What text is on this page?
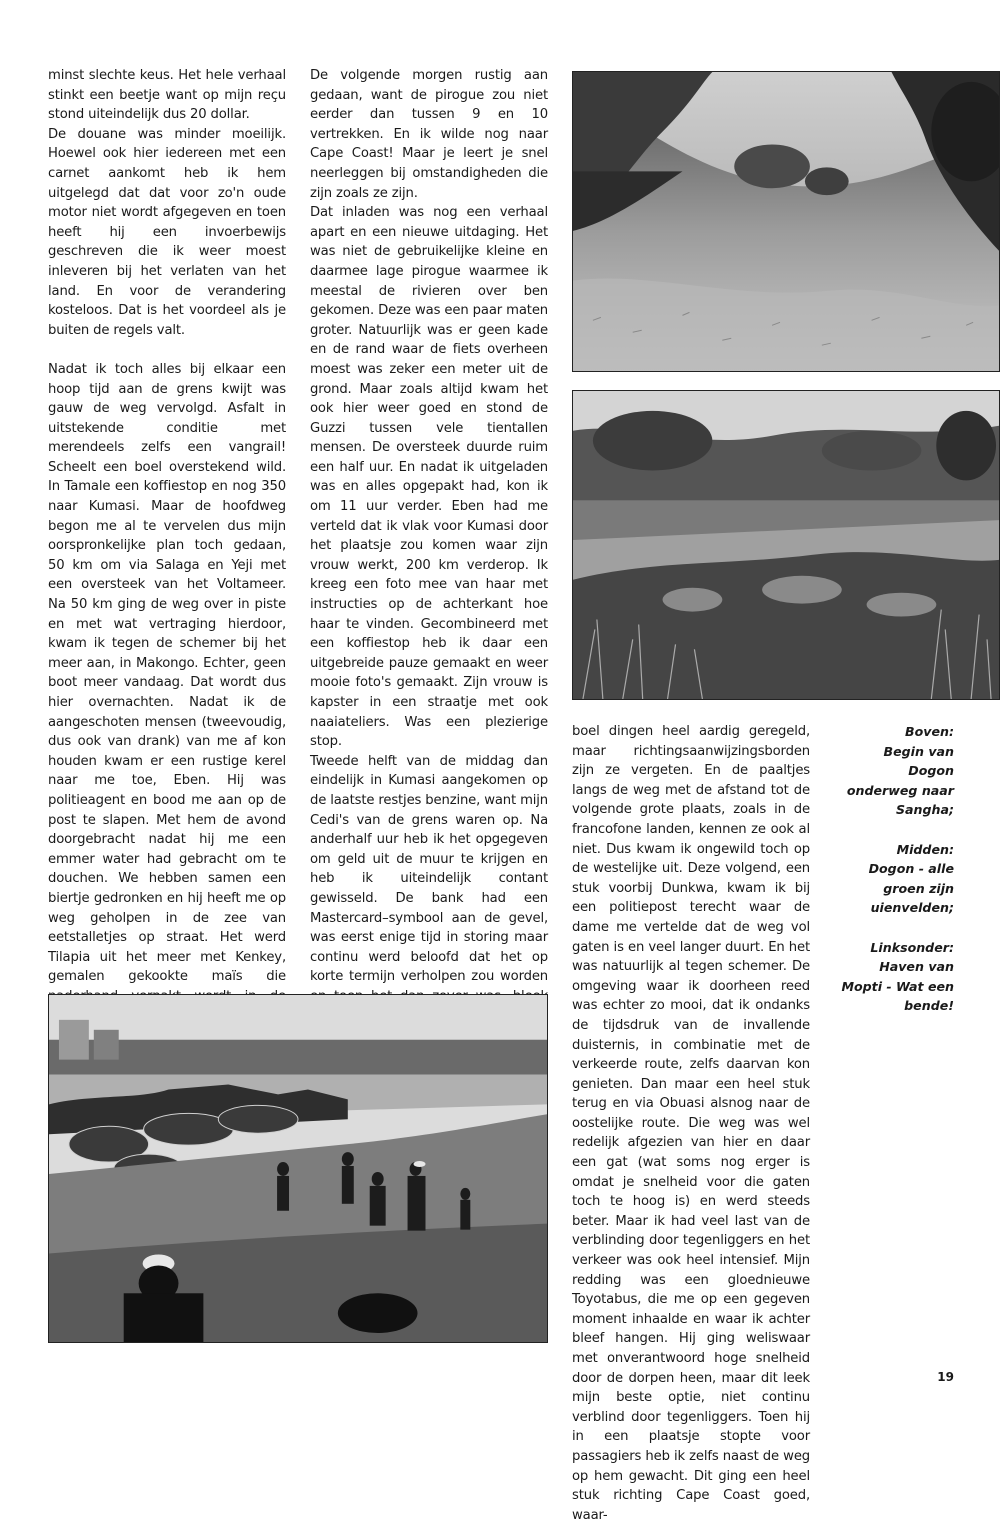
minst slechte keus. Het hele verhaal stinkt een beetje want op mijn reçu stond uiteindelijk dus 20 dollar.

De douane was minder moeilijk. Hoewel ook hier iedereen met een carnet aankomt heb ik hem uitgelegd dat dat voor zo'n oude motor niet wordt afgegeven en toen heeft hij een invoerbewijs geschreven die ik weer moest inleveren bij het verlaten van het land. En voor de verandering kosteloos. Dat is het voordeel als je buiten de regels valt.

Nadat ik toch alles bij elkaar een hoop tijd aan de grens kwijt was gauw de weg vervolgd. Asfalt in uitstekende conditie met merendeels zelfs een vangrail! Scheelt een boel overstekend wild. In Tamale een koffiestop en nog 350 naar Kumasi. Maar de hoofdweg begon me al te vervelen dus mijn oorspronkelijke plan toch gedaan, 50 km om via Salaga en Yeji met een oversteek van het Voltameer. Na 50 km ging de weg over in piste en met wat vertraging hierdoor, kwam ik tegen de schemer bij het meer aan, in Makongo. Echter, geen boot meer vandaag. Dat wordt dus hier overnachten. Nadat ik de aangeschoten mensen (tweevoudig, dus ook van drank) van me af kon houden kwam er een rustige kerel naar me toe, Eben. Hij was politieagent en bood me aan op de post te slapen. Met hem de avond doorgebracht nadat hij me een emmer water had gebracht om te douchen. We hebben samen een biertje gedronken en hij heeft me op weg geholpen in de zee van eetstalletjes op straat. Het werd Tilapia uit het meer met Kenkey, gemalen gekookte maïs die

De volgende morgen rustig aan gedaan, want de pirogue zou niet eerder dan tussen 9 en 10 vertrekken. En ik wilde nog naar Cape Coast! Maar je leert je snel neerleggen bij omstandigheden die zijn zoals ze zijn.

Dat inladen was nog een verhaal apart en een nieuwe uitdaging. Het was niet de gebruikelijke kleine en daarmee lage pirogue waarmee ik meestal de rivieren over ben gekomen. Deze was een paar maten groter. Natuurlijk was er geen kade en de rand waar de fiets overheen moest was zeker een meter uit de grond. Maar zoals altijd kwam het ook hier weer goed en stond de Guzzi tussen vele tientallen mensen. De oversteek duurde ruim een half uur. En nadat ik uitgeladen was en alles opgepakt had, kon ik om 11 uur verder. Eben had me verteld dat ik vlak voor Kumasi door het plaatsje zou komen waar zijn vrouw werkt, 200 km verderop. Ik kreeg een foto mee van haar met instructies op de achterkant hoe haar te vinden. Gecombineerd met een koffiestop heb ik daar een uitgebreide pauze gemaakt en weer mooie foto's gemaakt. Zijn vrouw is kapster in een straatje met ook naaiateliers. Was een plezierige stop.

Tweede helft van de middag dan eindelijk in Kumasi aangekomen op de laatste restjes benzine, want mijn Cedi's van de grens waren op. Na anderhalf uur heb ik het opgegeven om geld uit de muur te krijgen en heb ik uiteindelijk contant gewisseld. De bank had een Mastercard–symbool aan de gevel, was eerst enige tijd in storing maar continu werd beloofd dat het op korte termijn verholpen zou worden

boel dingen heel aardig geregeld, maar richtingsaanwijzingsborden zijn ze vergeten. En de paaltjes langs de weg met de afstand tot de volgende grote plaats, zoals in de francofone landen, kennen ze ook al niet. Dus kwam ik ongewild toch op de westelijke uit. Deze volgend, een stuk voorbij Dunkwa, kwam ik bij een politiepost terecht waar de dame me vertelde dat de weg vol gaten is en veel langer duurt. En het was natuurlijk al tegen schemer. De omgeving waar ik doorheen reed was echter zo mooi, dat ik ondanks de tijdsdruk van de invallende duisternis, in combinatie met de verkeerde route, zelfs daarvan kon genieten. Dan maar een heel stuk terug en via Obuasi alsnog naar de oostelijke route. Die weg was wel redelijk afgezien van hier en daar een gat (wat soms nog erger is omdat je snelheid voor die gaten toch te hoog is) en werd steeds beter. Maar ik had veel last van de verblinding door tegenliggers en het verkeer was ook heel intensief. Mijn redding was een gloednieuwe Toyotabus, die me op een gegeven moment inhaalde en waar ik achter bleef hangen. Hij ging weliswaar met onverantwoord hoge snelheid door de dorpen heen, maar dit leek mijn beste optie, niet continu verblind door tegenliggers. Toen hij in een plaatsje stopte voor passagiers heb ik zelfs naast de weg op hem gewacht. Dit ging een heel stuk richting Cape Coast goed, waar-

Boven:
Begin van Dogon onderweg naar Sangha;

Midden:
Dogon - alle groen zijn uienvelden;

Linksonder:
Haven van Mopti - Wat een bende!

19
